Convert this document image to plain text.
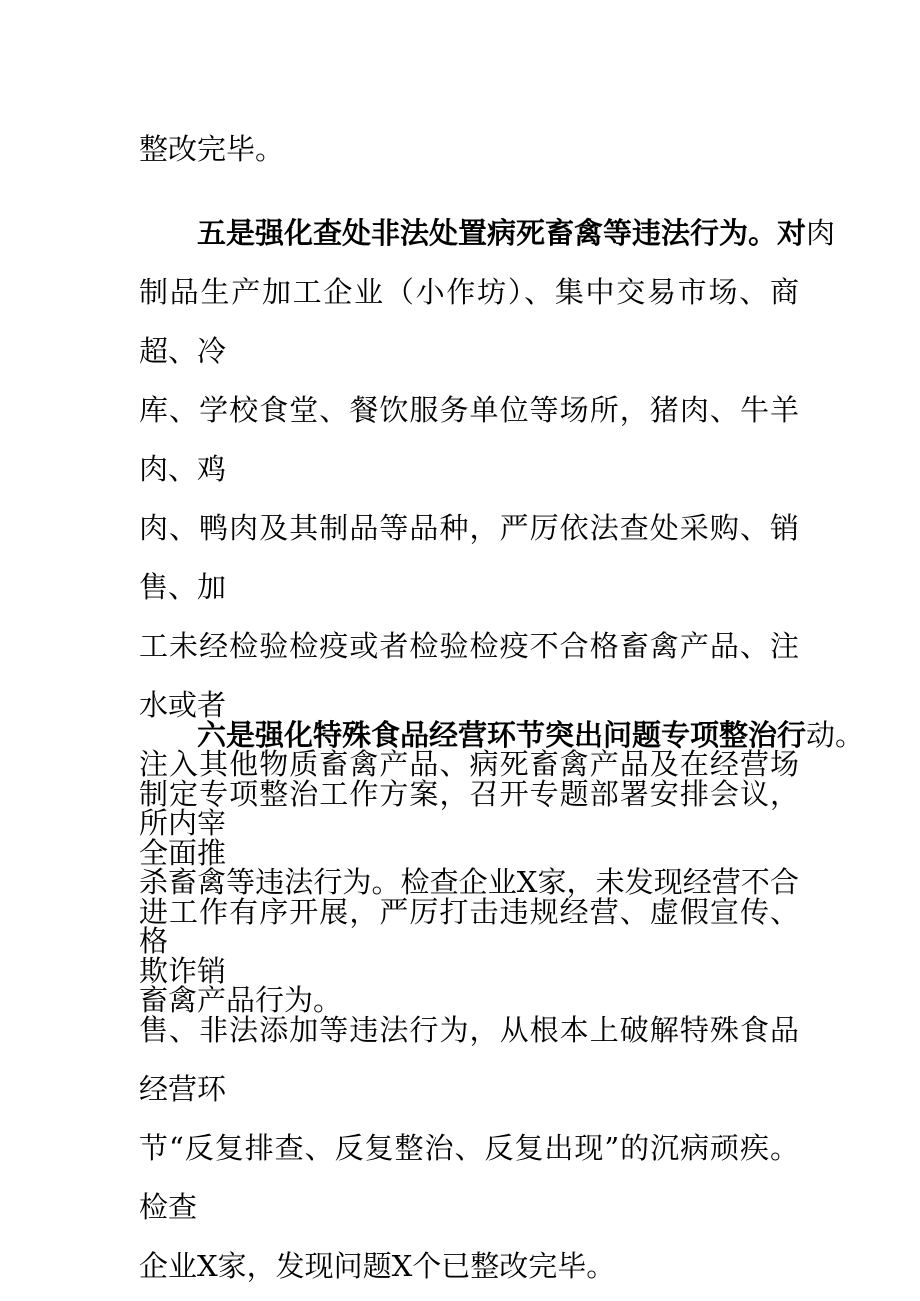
整改完毕。
五是强化查处非法处置病死畜禽等违法行为。对肉
制品生产加工企业（小作坊）、集中交易市场、商超、冷
库、学校食堂、餐饮服务单位等场所，猪肉、牛羊肉、鸡
肉、鸭肉及其制品等品种，严厉依法查处采购、销售、加
工未经检验检疫或者检验检疫不合格畜禽产品、注水或者
注入其他物质畜禽产品、病死畜禽产品及在经营场所内宰
杀畜禽等违法行为。检查企业X家，未发现经营不合格
畜禽产品行为。
六是强化特殊食品经营环节突出问题专项整治行动。
制定专项整治工作方案，召开专题部署安排会议，全面推
进工作有序开展，严厉打击违规经营、虚假宣传、欺诈销
售、非法添加等违法行为，从根本上破解特殊食品经营环
节“反复排查、反复整治、反复出现”的沉病顽疾。检查
企业X家，发现问题X个已整改完毕。
